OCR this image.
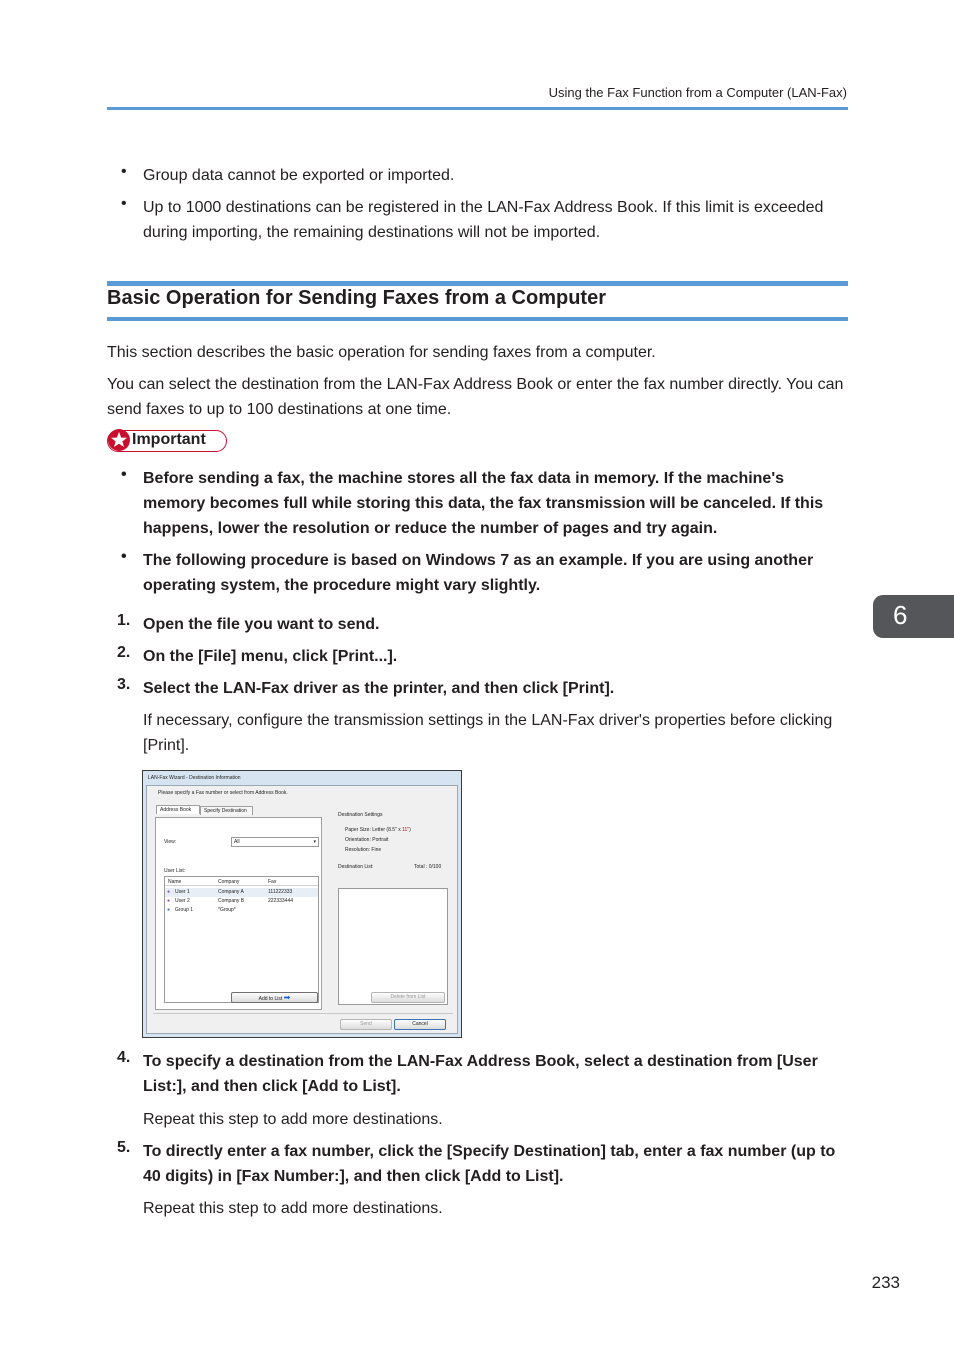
Using the Fax Function from a Computer (LAN-Fax)
• Group data cannot be exported or imported.

• Up to 1000 destinations can be registered in the LAN-Fax Address Book. If this limit is exceeded during importing, the remaining destinations will not be imported.

Basic Operation for Sending Faxes from a Computer

This section describes the basic operation for sending faxes from a computer.

You can select the destination from the LAN-Fax Address Book or enter the fax number directly. You can send faxes to up to 100 destinations at one time.

Important
• Before sending a fax, the machine stores all the fax data in memory. If the machine's memory becomes full while storing this data, the fax transmission will be canceled. If this happens, lower the resolution or reduce the number of pages and try again.

• The following procedure is based on Windows 7 as an example. If you are using another operating system, the procedure might vary slightly.

1. Open the file you want to send.

2. On the [File] menu, click [Print...].

3. Select the LAN-Fax driver as the printer, and then click [Print].

If necessary, configure the transmission settings in the LAN-Fax driver's properties before clicking [Print].

6
LAN-Fax Wizard - Destination Information
Please specify a Fax number or select from Address Book.
Address Book	Specify Destination
View:	All	▾
User List:
Name	Company	Fax
● User 1	Company A	111222333
● User 2	Company B	222333444
● Group 1	*Group*
Add to List ➡
Destination Settings
Paper Size: Letter (8.5" x 11")
Orientation: Portrait
Resolution: Fine
Destination List:	Total : 0/100
Delete from List
Send	Cancel
4. To specify a destination from the LAN-Fax Address Book, select a destination from [User List:], and then click [Add to List].

Repeat this step to add more destinations.

5. To directly enter a fax number, click the [Specify Destination] tab, enter a fax number (up to 40 digits) in [Fax Number:], and then click [Add to List].

Repeat this step to add more destinations.

233
